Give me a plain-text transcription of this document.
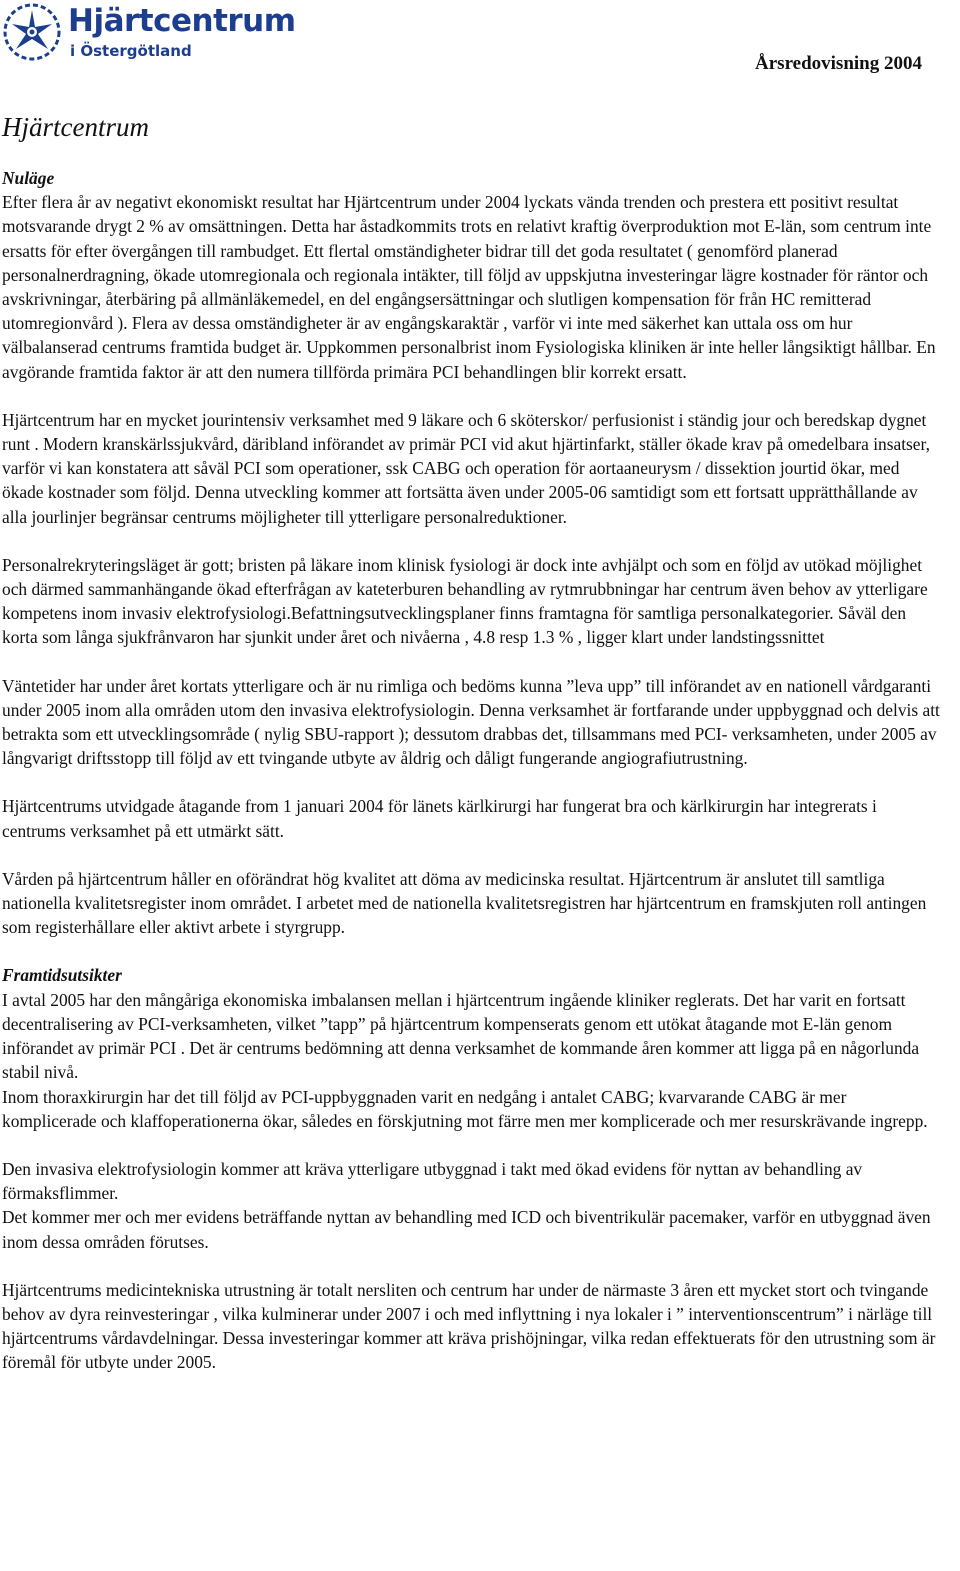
Hjärtcentrum
i Östergötland
Årsredovisning 2004
Hjärtcentrum
Nuläge

Efter flera år av negativt ekonomiskt resultat har Hjärtcentrum under 2004 lyckats vända trenden och prestera ett positivt resultat motsvarande drygt 2 % av omsättningen. Detta har åstadkommits trots en relativt kraftig överproduktion mot E-län, som centrum inte ersatts för efter övergången till rambudget. Ett flertal omständigheter bidrar till det goda resultatet ( genomförd planerad personalnerdragning, ökade utomregionala och regionala intäkter, till följd av uppskjutna investeringar lägre kostnader för räntor och avskrivningar, återbäring på allmänläkemedel, en del engångsersättningar och slutligen kompensation för från HC remitterad utomregionvård ). Flera av dessa omständigheter är av engångskaraktär , varför vi inte med säkerhet kan uttala oss om hur välbalanserad centrums framtida budget är. Uppkommen personalbrist inom Fysiologiska kliniken är inte heller långsiktigt hållbar. En avgörande framtida faktor är att den numera tillförda primära PCI behandlingen blir korrekt ersatt.

Hjärtcentrum har en mycket jourintensiv verksamhet med 9 läkare och 6 sköterskor/ perfusionist i ständig jour och beredskap dygnet runt . Modern kranskärlssjukvård, däribland införandet av primär PCI vid akut hjärtinfarkt, ställer ökade krav på omedelbara insatser, varför vi kan konstatera att såväl PCI som operationer, ssk CABG och operation för aortaaneurysm / dissektion jourtid ökar, med ökade kostnader som följd. Denna utveckling kommer att fortsätta även under 2005-06 samtidigt som ett fortsatt upprätthållande av alla jourlinjer begränsar centrums möjligheter till ytterligare personalreduktioner.

Personalrekryteringsläget är gott; bristen på läkare inom klinisk fysiologi är dock inte avhjälpt och som en följd av utökad möjlighet och därmed sammanhängande ökad efterfrågan av kateterburen behandling av rytmrubbningar har centrum även behov av ytterligare kompetens inom invasiv elektrofysiologi.Befattningsutvecklingsplaner finns framtagna för samtliga personalkategorier. Såväl den korta som långa sjukfrånvaron har sjunkit under året och nivåerna , 4.8 resp 1.3 % , ligger klart under landstingssnittet

Väntetider har under året kortats ytterligare och är nu rimliga och bedöms kunna ”leva upp” till införandet av en nationell vårdgaranti under 2005 inom alla områden utom den invasiva elektrofysiologin. Denna verksamhet är fortfarande under uppbyggnad och delvis att betrakta som ett utvecklingsområde ( nylig SBU-rapport ); dessutom drabbas det, tillsammans med PCI- verksamheten, under 2005 av långvarigt driftsstopp till följd av ett tvingande utbyte av åldrig och dåligt fungerande angiografiutrustning.

Hjärtcentrums utvidgade åtagande from 1 januari 2004 för länets kärlkirurgi har fungerat bra och kärlkirurgin har integrerats i centrums verksamhet på ett utmärkt sätt.

Vården på hjärtcentrum håller en oförändrat hög kvalitet att döma av medicinska resultat. Hjärtcentrum är anslutet till samtliga nationella kvalitetsregister inom området. I arbetet med de nationella kvalitetsregistren har hjärtcentrum en framskjuten roll antingen som registerhållare eller aktivt arbete i styrgrupp.

Framtidsutsikter

I avtal 2005 har den mångåriga ekonomiska imbalansen mellan i hjärtcentrum ingående kliniker reglerats. Det har varit en fortsatt decentralisering av PCI-verksamheten, vilket ”tapp” på hjärtcentrum kompenserats genom ett utökat åtagande mot E-län genom införandet av primär PCI . Det är centrums bedömning att denna verksamhet de kommande åren kommer att ligga på en någorlunda stabil nivå.

Inom thoraxkirurgin har det till följd av PCI-uppbyggnaden varit en nedgång i antalet CABG; kvarvarande CABG är mer komplicerade och klaffoperationerna ökar, således en förskjutning mot färre men mer komplicerade och mer resurskrävande ingrepp.

Den invasiva elektrofysiologin kommer att kräva ytterligare utbyggnad i takt med ökad evidens för nyttan av behandling av förmaksflimmer.

Det kommer mer och mer evidens beträffande nyttan av behandling med ICD och biventrikulär pacemaker, varför en utbyggnad även inom dessa områden förutses.

Hjärtcentrums medicintekniska utrustning är totalt nersliten och centrum har under de närmaste 3 åren ett mycket stort och tvingande behov av dyra reinvesteringar , vilka kulminerar under 2007 i och med inflyttning i nya lokaler i ” interventionscentrum” i närläge till hjärtcentrums vårdavdelningar. Dessa investeringar kommer att kräva prishöjningar, vilka redan effektuerats för den utrustning som är föremål för utbyte under 2005.
